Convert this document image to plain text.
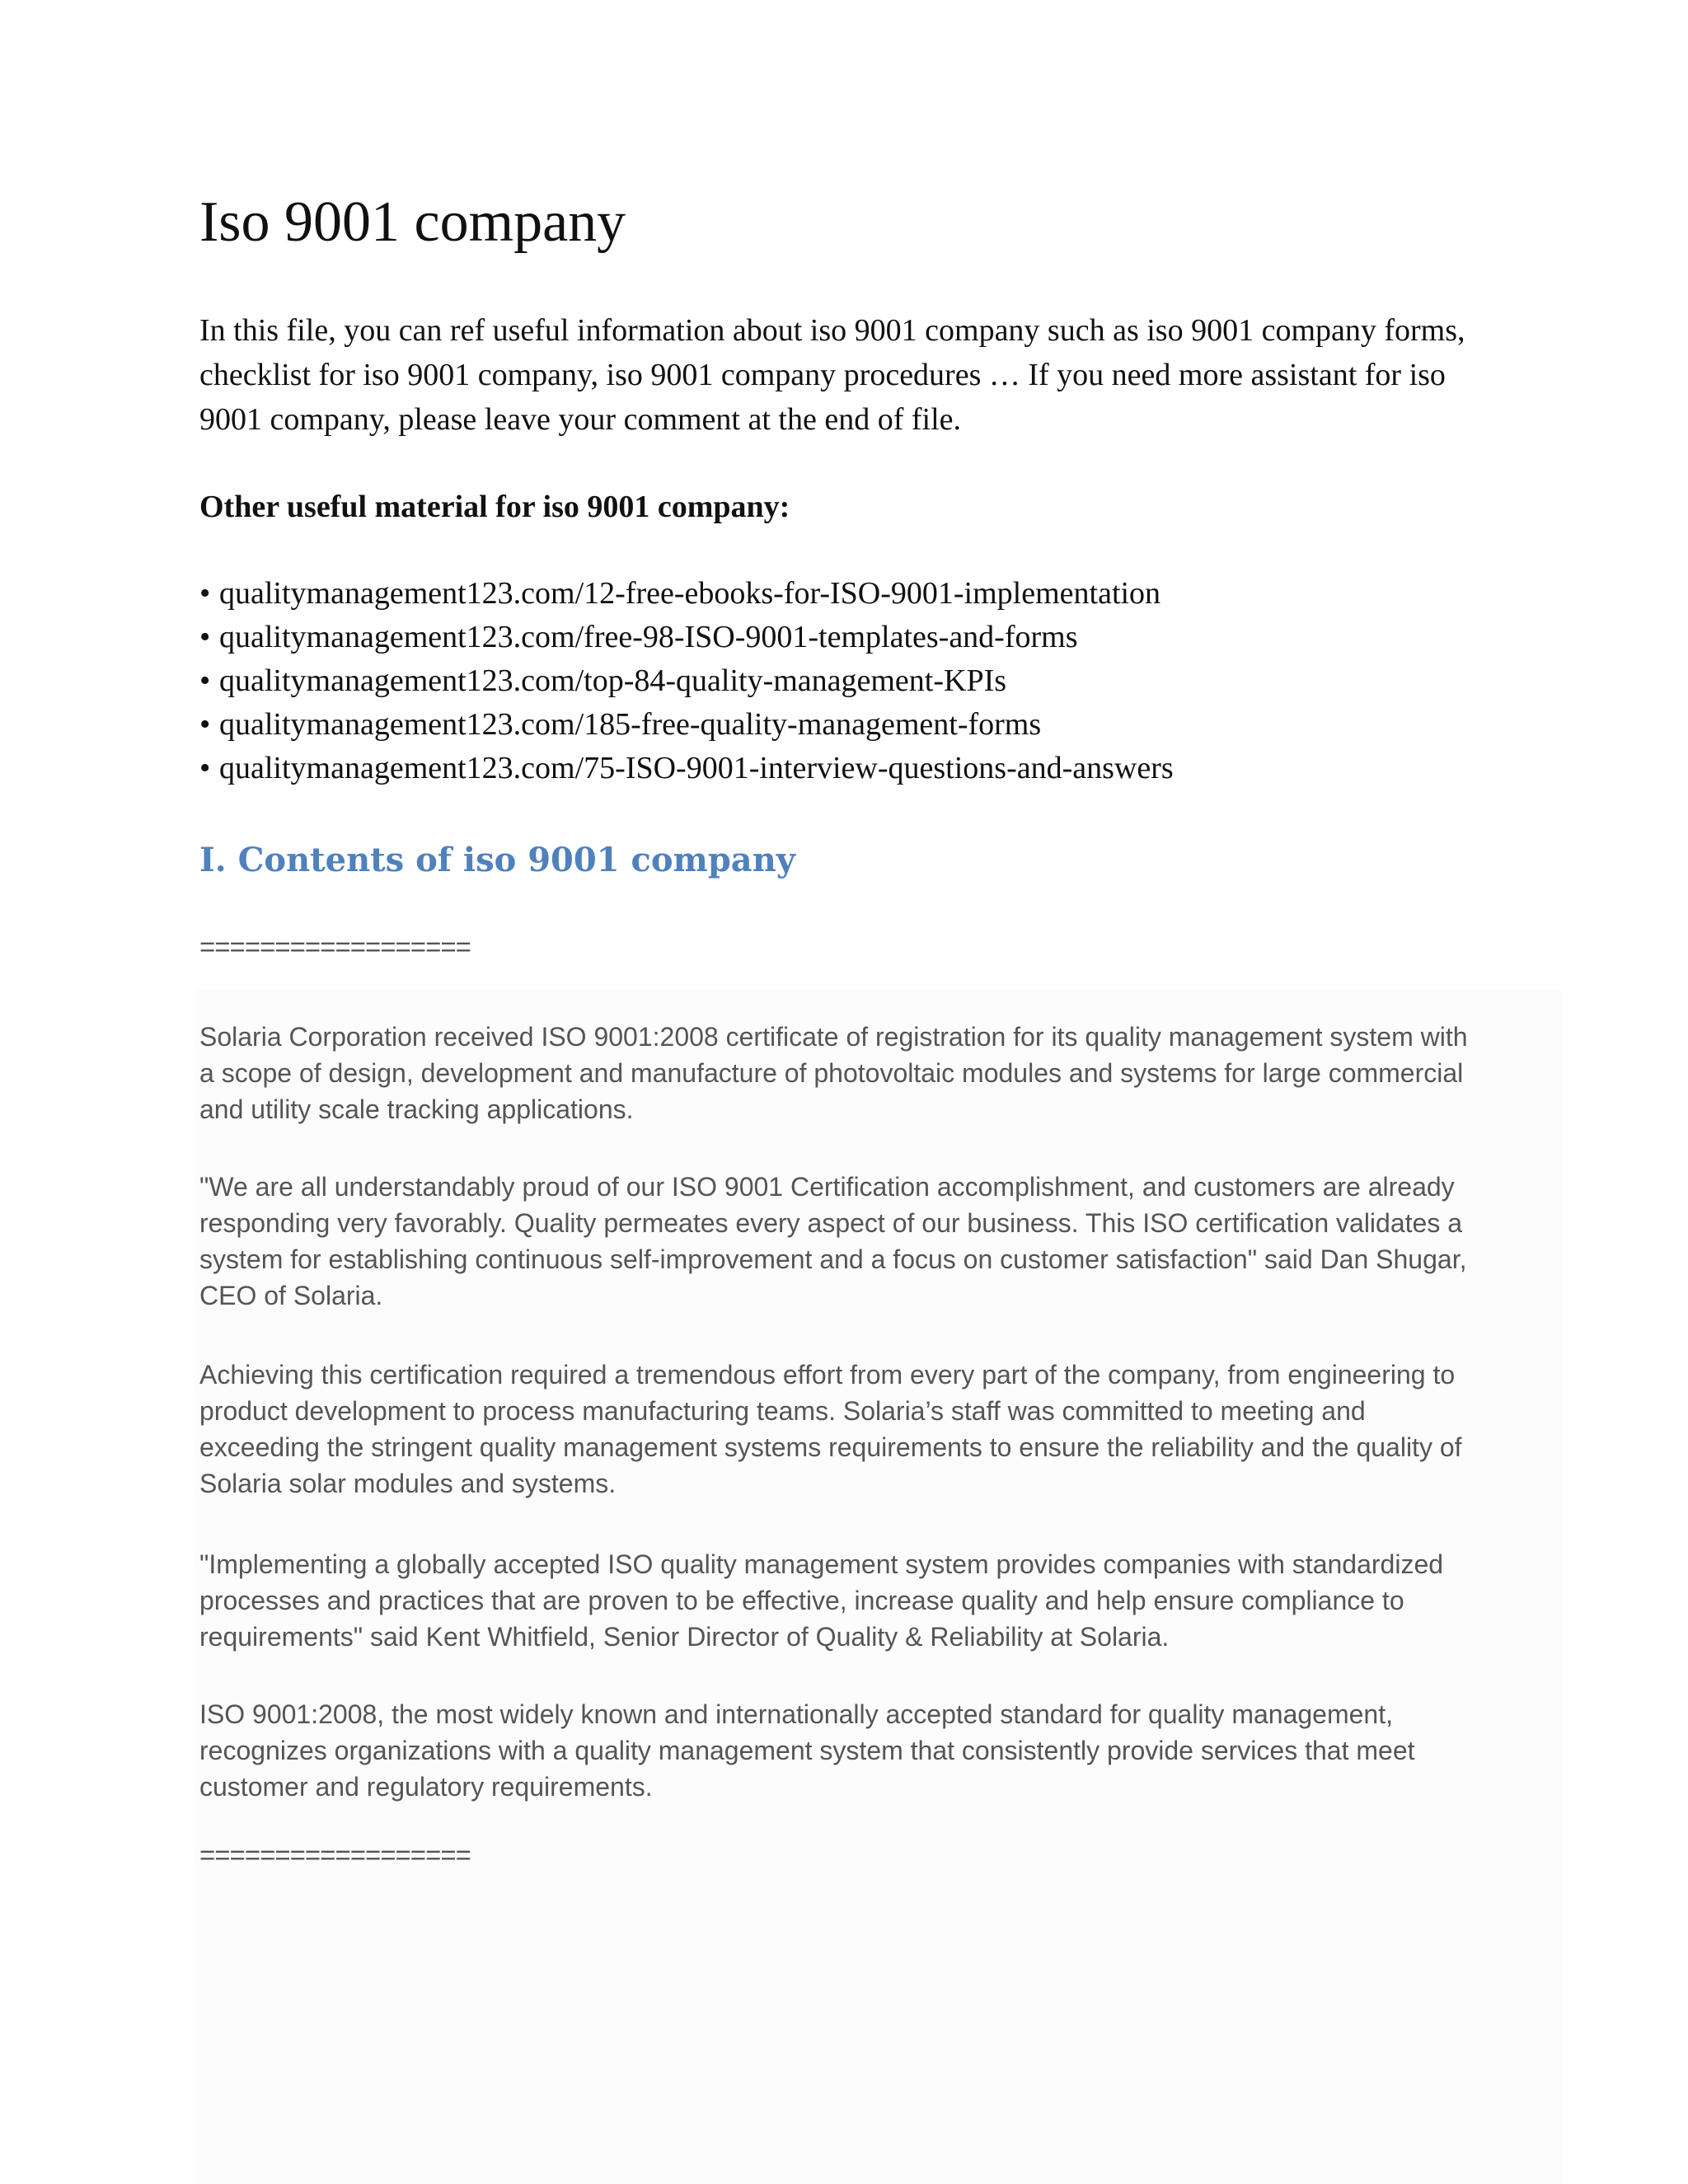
Iso 9001 company

In this file, you can ref useful information about iso 9001 company such as iso 9001 company forms, checklist for iso 9001 company, iso 9001 company procedures … If you need more assistant for iso 9001 company, please leave your comment at the end of file.

Other useful material for iso 9001 company:

• qualitymanagement123.com/12-free-ebooks-for-ISO-9001-implementation
• qualitymanagement123.com/free-98-ISO-9001-templates-and-forms
• qualitymanagement123.com/top-84-quality-management-KPIs
• qualitymanagement123.com/185-free-quality-management-forms
• qualitymanagement123.com/75-ISO-9001-interview-questions-and-answers
I. Contents of iso 9001 company
==================

Solaria Corporation received ISO 9001:2008 certificate of registration for its quality management system with a scope of design, development and manufacture of photovoltaic modules and systems for large commercial and utility scale tracking applications.

"We are all understandably proud of our ISO 9001 Certification accomplishment, and customers are already responding very favorably. Quality permeates every aspect of our business. This ISO certification validates a system for establishing continuous self-improvement and a focus on customer satisfaction" said Dan Shugar, CEO of Solaria.

Achieving this certification required a tremendous effort from every part of the company, from engineering to product development to process manufacturing teams. Solaria’s staff was committed to meeting and exceeding the stringent quality management systems requirements to ensure the reliability and the quality of Solaria solar modules and systems.

"Implementing a globally accepted ISO quality management system provides companies with standardized processes and practices that are proven to be effective, increase quality and help ensure compliance to requirements" said Kent Whitfield, Senior Director of Quality & Reliability at Solaria.

ISO 9001:2008, the most widely known and internationally accepted standard for quality management, recognizes organizations with a quality management system that consistently provide services that meet customer and regulatory requirements.

==================
